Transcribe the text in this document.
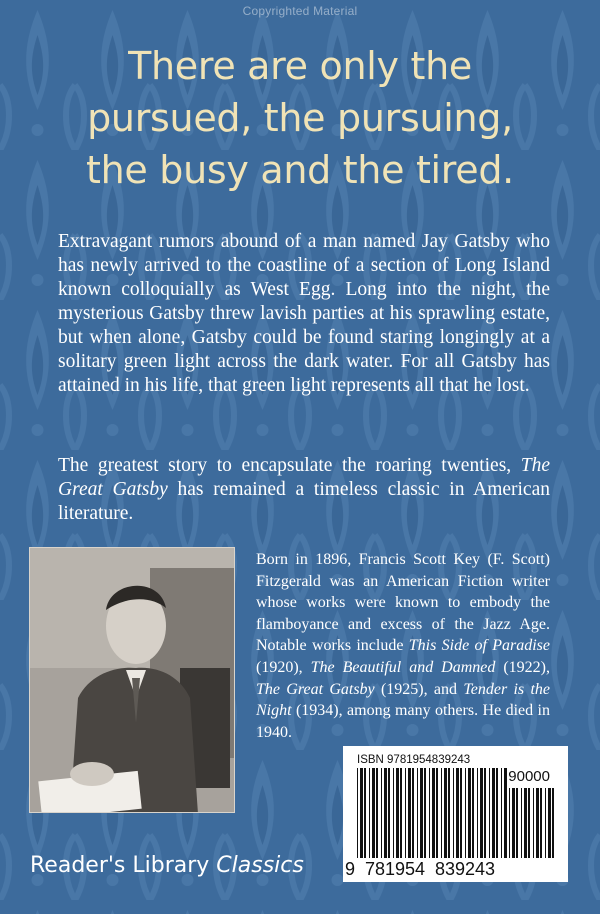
Copyrighted Material
There are only the
pursued, the pursuing,
the busy and the tired.
Extravagant rumors abound of a man named Jay Gatsby who has newly arrived to the coastline of a section of Long Island known colloquially as West Egg. Long into the night, the mysterious Gatsby threw lavish parties at his sprawling estate, but when alone, Gatsby could be found staring longingly at a solitary green light across the dark water. For all Gatsby has attained in his life, that green light represents all that he lost.
The greatest story to encapsulate the roaring twenties, The Great Gatsby has remained a timeless classic in American literature.
Born in 1896, Francis Scott Key (F. Scott) Fitzgerald was an American Fiction writer whose works were known to embody the flamboyance and excess of the Jazz Age. Notable works include This Side of Paradise (1920), The Beautiful and Damned (1922), The Great Gatsby (1925), and Tender is the Night (1934), among many others. He died in 1940.
ISBN 9781954839243
90000
9 781954 839243
Reader's Library Classics
